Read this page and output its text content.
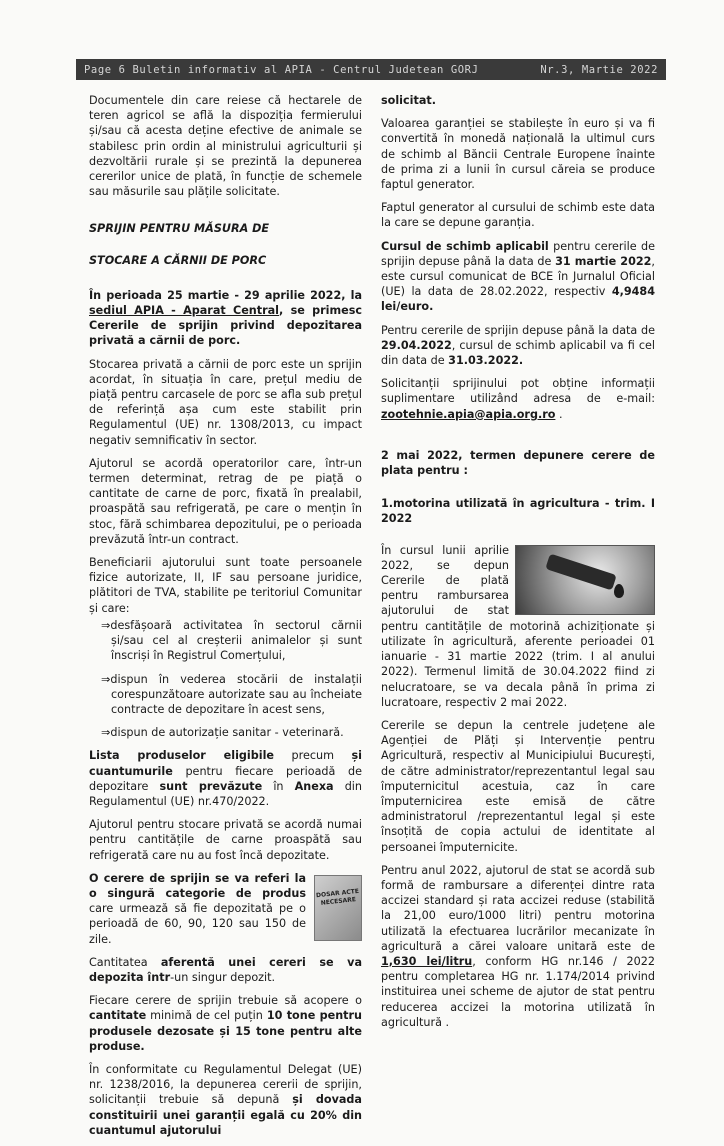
Page 6 Buletin informativ al APIA - Centrul Judetean GORJ	Nr.3, Martie 2022

Documentele din care reiese că hectarele de teren agricol se află la dispoziția fermierului și/sau că acesta deține efective de animale se stabilesc prin ordin al ministrului agriculturii și dezvoltării rurale și se prezintă la depunerea cererilor unice de plată, în funcție de schemele sau măsurile sau plățile solicitate.

SPRIJIN PENTRU MĂSURA DE

STOCARE A CĂRNII DE PORC

În perioada 25 martie - 29 aprilie 2022, la sediul APIA - Aparat Central, se primesc Cererile de sprijin privind depozitarea privată a cărnii de porc.

Stocarea privată a cărnii de porc este un sprijin acordat, în situația în care, prețul mediu de piață pentru carcasele de porc se afla sub prețul de referință așa cum este stabilit prin Regulamentul (UE) nr. 1308/2013, cu impact negativ semnificativ în sector.

Ajutorul se acordă operatorilor care, într-un termen determinat, retrag de pe piață o cantitate de carne de porc, fixată în prealabil, proaspătă sau refrigerată, pe care o mențin în stoc, fără schimbarea depozitului, pe o perioada prevăzută într-un contract.

Beneficiarii ajutorului sunt toate persoanele fizice autorizate, II, IF sau persoane juridice, plătitori de TVA, stabilite pe teritoriul Comunitar și care:

⇒desfășoară activitatea în sectorul cărnii și/sau cel al creșterii animalelor și sunt înscriși în Registrul Comerțului,

⇒dispun în vederea stocării de instalații corespunzătoare autorizate sau au încheiate contracte de depozitare în acest sens,

⇒dispun de autorizație sanitar - veterinară.

Lista produselor eligibile precum și cuantumurile pentru fiecare perioadă de depozitare sunt prevăzute în Anexa din Regulamentul (UE) nr.470/2022.

Ajutorul pentru stocare privată se acordă numai pentru cantitățile de carne proaspătă sau refrigerată care nu au fost încă depozitate.

DOSAR ACTE NECESARE

O cerere de sprijin se va referi la o singură categorie de produs care urmează să fie depozitată pe o perioadă de 60, 90, 120 sau 150 de zile.

Cantitatea aferentă unei cereri se va depozita într-un singur depozit.

Fiecare cerere de sprijin trebuie să acopere o cantitate minimă de cel puțin 10 tone pentru produsele dezosate și 15 tone pentru alte produse.

În conformitate cu Regulamentul Delegat (UE) nr. 1238/2016, la depunerea cererii de sprijin, solicitanții trebuie să depună și dovada constituirii unei garanții egală cu 20% din cuantumul ajutorului

solicitat.

Valoarea garanției se stabilește în euro și va fi convertită în monedă națională la ultimul curs de schimb al Băncii Centrale Europene înainte de prima zi a lunii în cursul căreia se produce faptul generator.

Faptul generator al cursului de schimb este data la care se depune garanția.

Cursul de schimb aplicabil pentru cererile de sprijin depuse până la data de 31 martie 2022, este cursul comunicat de BCE în Jurnalul Oficial (UE) la data de 28.02.2022, respectiv 4,9484 lei/euro.

Pentru cererile de sprijin depuse până la data de 29.04.2022, cursul de schimb aplicabil va fi cel din data de 31.03.2022.

Solicitanții sprijinului pot obține informații suplimentare utilizând adresa de e-mail: zootehnie.apia@apia.org.ro .

2 mai 2022, termen depunere cerere de plata pentru :

1.motorina utilizată în agricultura - trim. I 2022

În cursul lunii aprilie 2022, se depun Cererile de plată pentru rambursarea ajutorului de stat pentru cantitățile de motorină achiziționate și utilizate în agricultură, aferente perioadei 01 ianuarie - 31 martie 2022 (trim. I al anului 2022). Termenul limită de 30.04.2022 fiind zi nelucratoare, se va decala până în prima zi lucratoare, respectiv 2 mai 2022.

Cererile se depun la centrele județene ale Agenției de Plăți și Intervenție pentru Agricultură, respectiv al Municipiului București, de către administrator/reprezentantul legal sau împuternicitul acestuia, caz în care împuternicirea este emisă de către administratorul /reprezentantul legal și este însoțită de copia actului de identitate al persoanei împuternicite.

Pentru anul 2022, ajutorul de stat se acordă sub formă de rambursare a diferenței dintre rata accizei standard și rata accizei reduse (stabilită la 21,00 euro/1000 litri) pentru motorina utilizată la efectuarea lucrărilor mecanizate în agricultură a cărei valoare unitară este de 1,630 lei/litru, conform HG nr.146 / 2022 pentru completarea HG nr. 1.174/2014 privind instituirea unei scheme de ajutor de stat pentru reducerea accizei la motorina utilizată în agricultură .
